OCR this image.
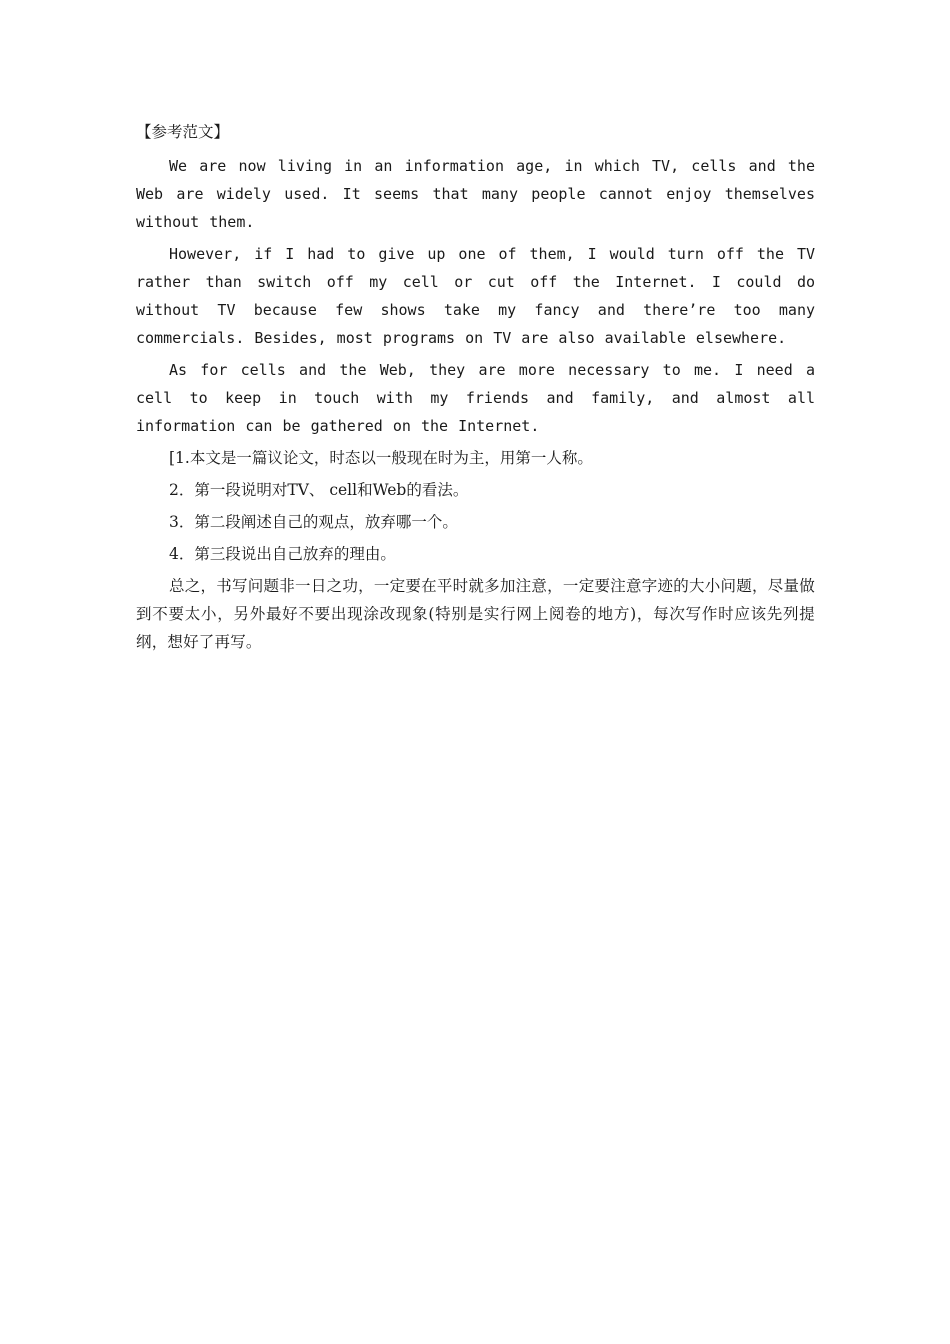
【参考范文】

We are now living in an information age, in which TV, cells and the Web are widely used. It seems that many people cannot enjoy themselves without them.

However, if I had to give up one of them, I would turn off the TV rather than switch off my cell or cut off the Internet. I could do without TV because few shows take my fancy and there’re too many commercials. Besides, most programs on TV are also available elsewhere.

As for cells and the Web, they are more necessary to me. I need a cell to keep in touch with my friends and family, and almost all information can be gathered on the Internet.

[1.本文是一篇议论文，时态以一般现在时为主，用第一人称。

2．第一段说明对TV、 cell和Web的看法。

3．第二段阐述自己的观点，放弃哪一个。

4．第三段说出自己放弃的理由。

总之，书写问题非一日之功，一定要在平时就多加注意，一定要注意字迹的大小问题，尽量做到不要太小，另外最好不要出现涂改现象(特别是实行网上阅卷的地方)，每次写作时应该先列提纲，想好了再写。
